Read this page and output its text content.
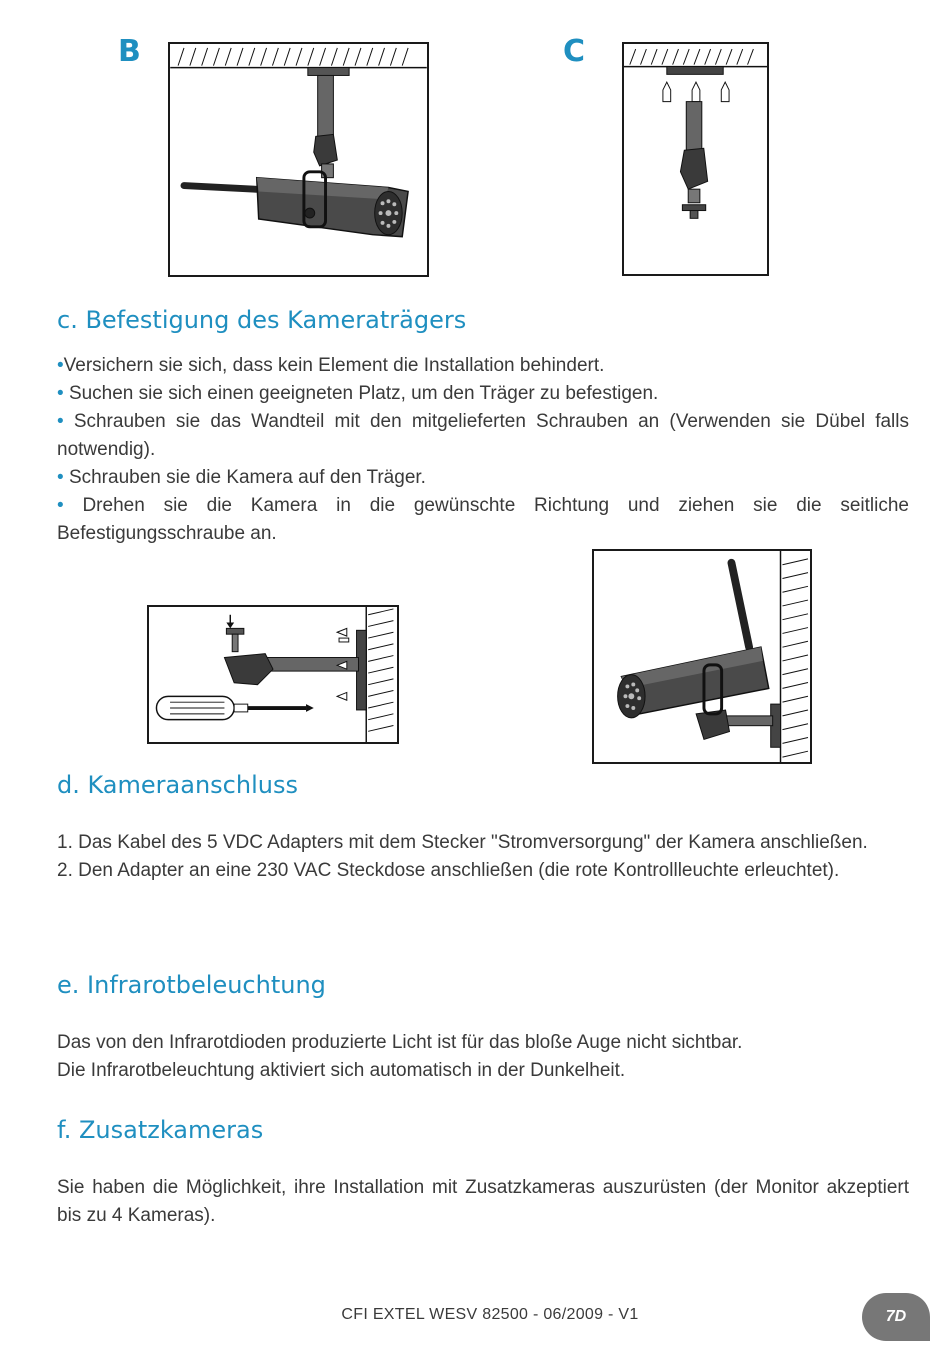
B	C
c. Befestigung des Kameraträgers

•Versichern sie sich, dass kein Element die Installation behindert.

• Suchen sie sich einen geeigneten Platz, um den Träger zu befestigen.

• Schrauben sie das Wandteil mit den mitgelieferten Schrauben an (Verwenden sie Dübel falls notwendig).

• Schrauben sie die Kamera auf den Träger.

• Drehen sie die Kamera in die gewünschte Richtung und ziehen sie die seitliche Befestigungsschraube an.

d. Kameraanschluss

1. Das Kabel des 5 VDC Adapters mit dem Stecker "Stromversorgung" der Kamera anschließen.

2. Den Adapter an eine 230 VAC Steckdose anschließen (die rote Kontrollleuchte erleuchtet).

e. Infrarotbeleuchtung

Das von den Infrarotdioden produzierte Licht ist für das bloße Auge nicht sichtbar.

Die Infrarotbeleuchtung aktiviert sich automatisch in der Dunkelheit.

f. Zusatzkameras

Sie haben die Möglichkeit, ihre Installation mit Zusatzkameras auszurüsten (der Monitor akzeptiert bis zu 4 Kameras).

CFI EXTEL WESV 82500 - 06/2009 - V1	7D
